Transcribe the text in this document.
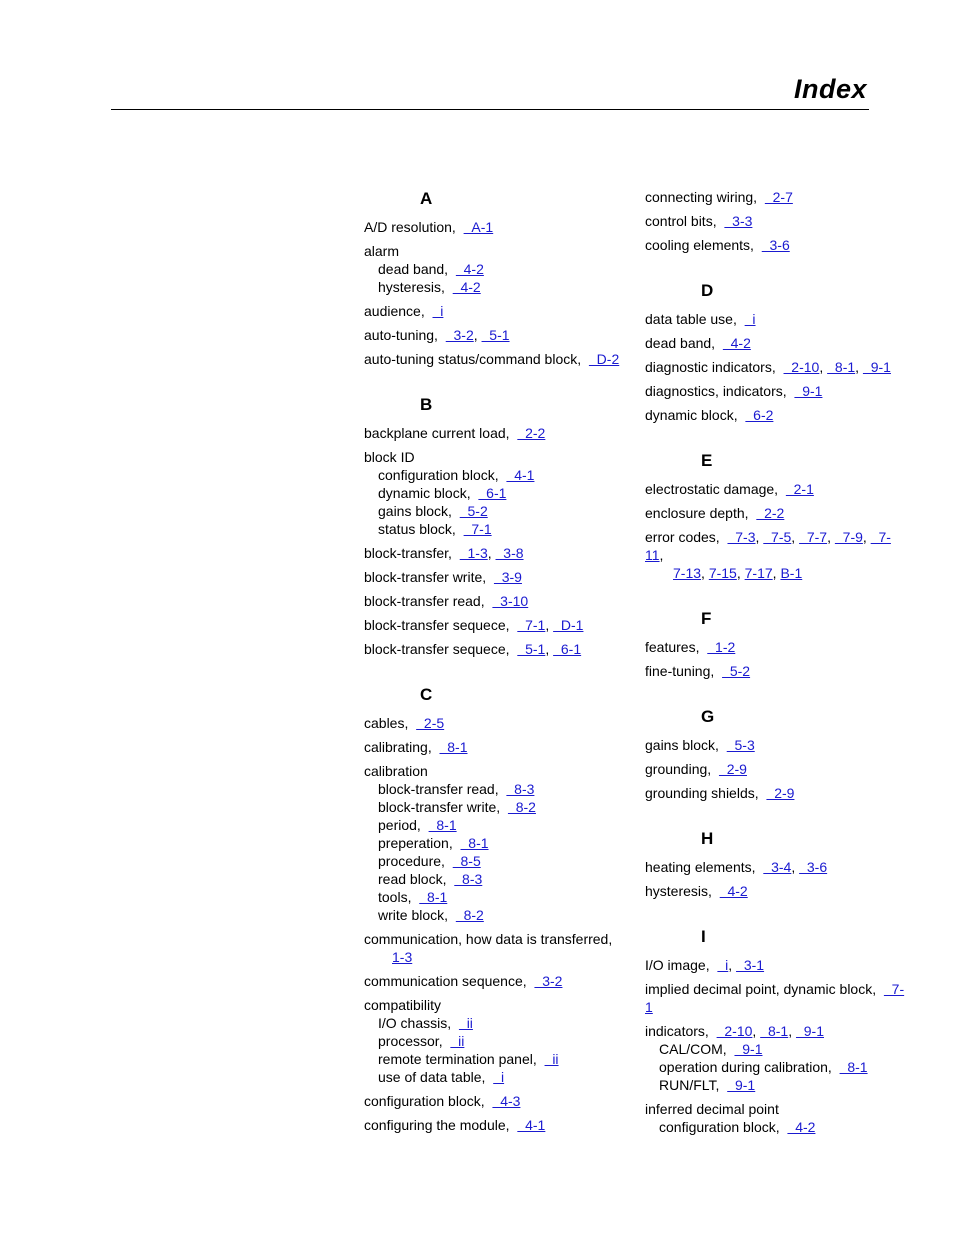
Index
A
A/D resolution,    A-1
alarm
dead band,    4-2
hysteresis,    4-2
audience,    i
auto-tuning,    3-2,   5-1
auto-tuning status/command block,    D-2
B
backplane current load,    2-2
block ID
configuration block,    4-1
dynamic block,    6-1
gains block,    5-2
status block,    7-1
block-transfer,    1-3,   3-8
block-transfer write,    3-9
block-transfer read,    3-10
block-transfer sequece,    7-1,   D-1
block-transfer sequece,    5-1,   6-1
C
cables,    2-5
calibrating,    8-1
calibration
block-transfer read,    8-3
block-transfer write,    8-2
period,    8-1
preperation,    8-1
procedure,    8-5
read block,    8-3
tools,    8-1
write block,    8-2
communication, how data is transferred,
1-3
communication sequence,    3-2
compatibility
I/O chassis,    ii
processor,    ii
remote termination panel,    ii
use of data table,    i
configuration block,    4-3
configuring the module,    4-1
connecting wiring,    2-7
control bits,    3-3
cooling elements,    3-6
D
data table use,    i
dead band,    4-2
diagnostic indicators,    2-10,   8-1,   9-1
diagnostics, indicators,    9-1
dynamic block,    6-2
E
electrostatic damage,    2-1
enclosure depth,    2-2
error codes,    7-3,   7-5,   7-7,   7-9,   7-11,
7-13, 7-15, 7-17, B-1
F
features,    1-2
fine-tuning,    5-2
G
gains block,    5-3
grounding,    2-9
grounding shields,    2-9
H
heating elements,    3-4,   3-6
hysteresis,    4-2
I
I/O image,    i,   3-1
implied decimal point, dynamic block,    7-1
indicators,    2-10,   8-1,   9-1
CAL/COM,    9-1
operation during calibration,    8-1
RUN/FLT,    9-1
inferred decimal point
configuration block,    4-2
